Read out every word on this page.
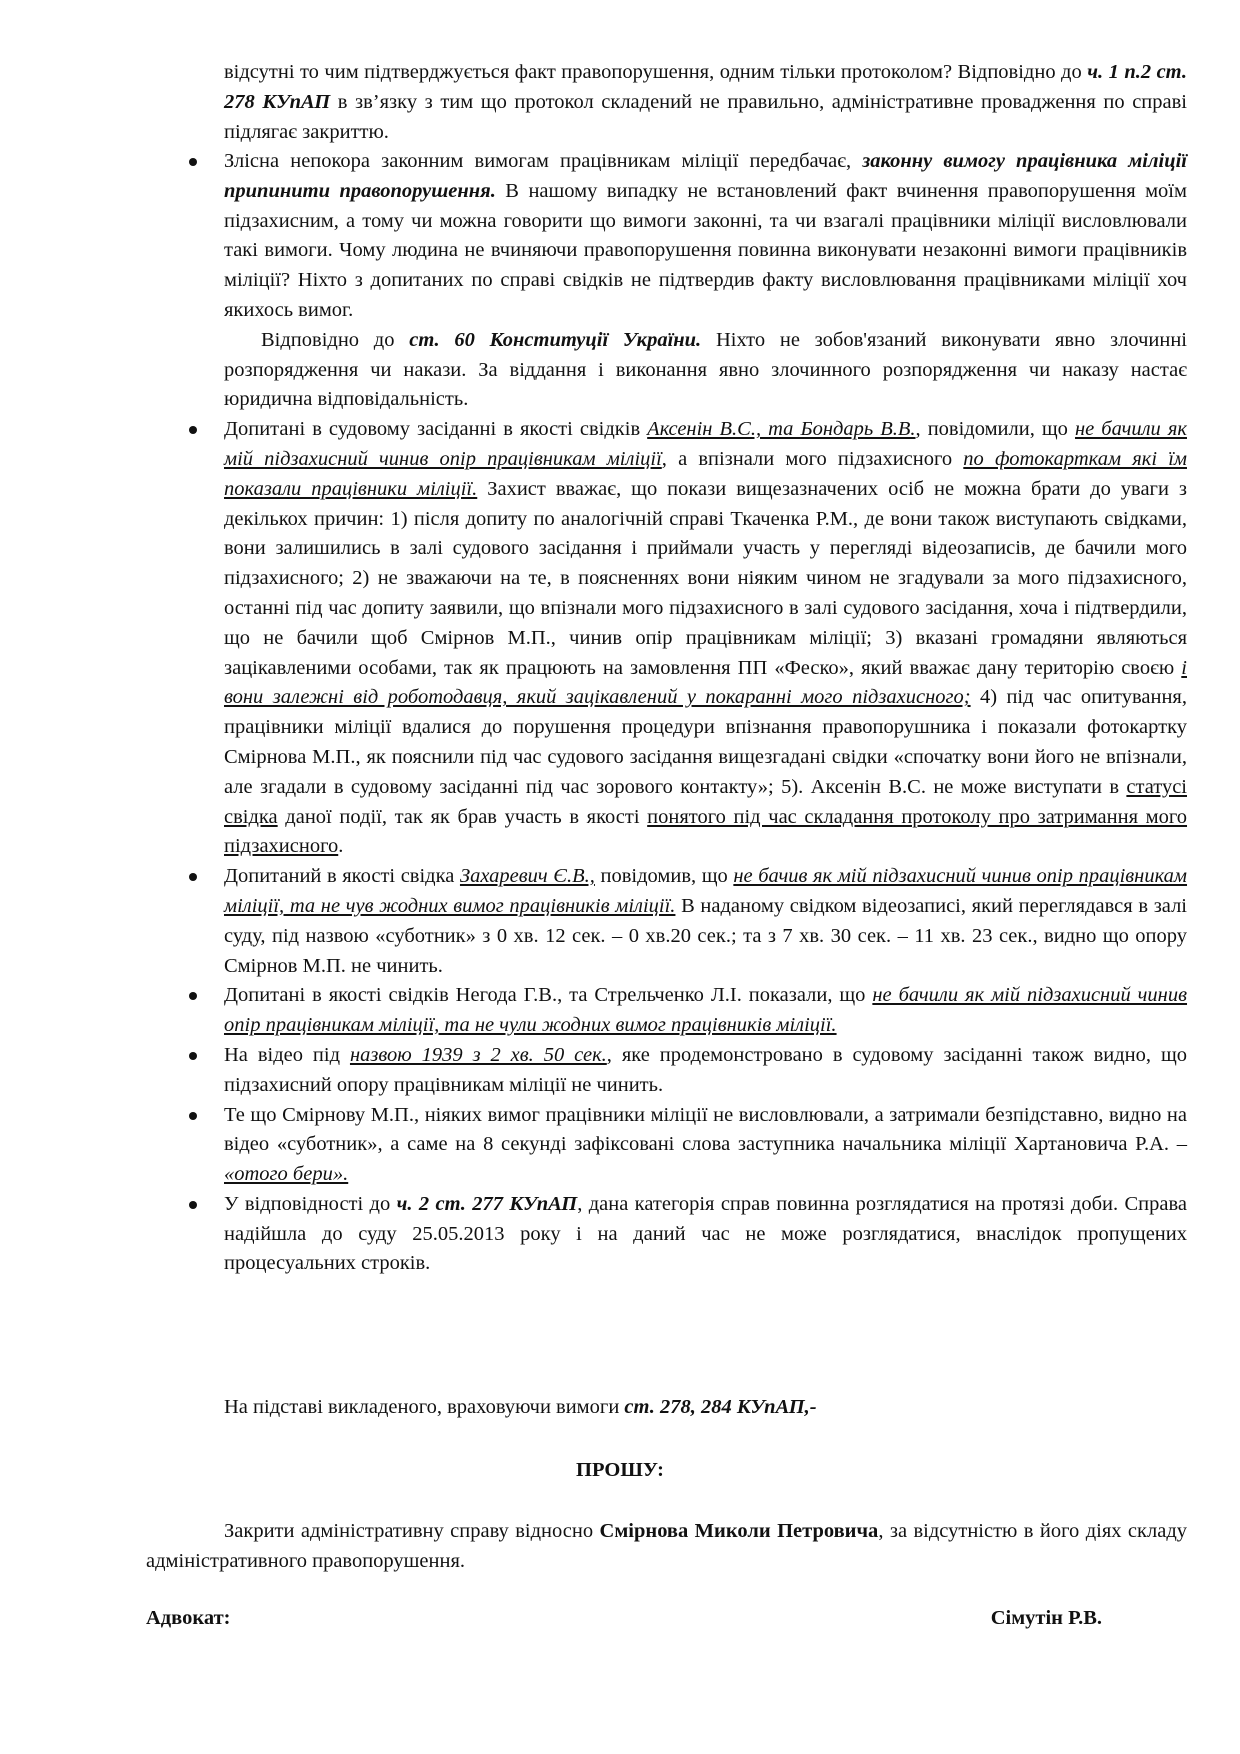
відсутні то чим підтверджується факт правопорушення, одним тільки протоколом? Відповідно до ч. 1 п.2 ст. 278 КУпАП в зв’язку з тим що протокол складений не правильно, адміністративне провадження по справі підлягає закриттю.

Злісна непокора законним вимогам працівникам міліції передбачає, законну вимогу працівника міліції припинити правопорушення. В нашому випадку не встановлений факт вчинення правопорушення моїм підзахисним, а тому чи можна говорити що вимоги законні, та чи взагалі працівники міліції висловлювали такі вимоги. Чому людина не вчиняючи правопорушення повинна виконувати незаконні вимоги працівників міліції? Ніхто з допитаних по справі свідків не підтвердив факту висловлювання працівниками міліції хоч якихось вимог.

Відповідно до ст. 60 Конституції України. Ніхто не зобов'язаний виконувати явно злочинні розпорядження чи накази. За віддання і виконання явно злочинного розпорядження чи наказу настає юридична відповідальність.

Допитані в судовому засіданні в якості свідків Аксенін В.С., та Бондарь В.В., повідомили, що не бачили як мій підзахисний чинив опір працівникам міліції, а впізнали мого підзахисного по фотокарткам які їм показали працівники міліції. Захист вважає, що покази вищезазначених осіб не можна брати до уваги з декількох причин: 1) після допиту по аналогічній справі Ткаченка Р.М., де вони також виступають свідками, вони залишились в залі судового засідання і приймали участь у перегляді відеозаписів, де бачили мого підзахисного; 2) не зважаючи на те, в поясненнях вони ніяким чином не згадували за мого підзахисного, останні під час допиту заявили, що впізнали мого підзахисного в залі судового засідання, хоча і підтвердили, що не бачили щоб Смірнов М.П., чинив опір працівникам міліції; 3) вказані громадяни являються зацікавленими особами, так як працюють на замовлення ПП «Феско», який вважає дану територію своєю і вони залежні від роботодавця, який зацікавлений у покаранні мого підзахисного; 4) під час опитування, працівники міліції вдалися до порушення процедури впізнання правопорушника і показали фотокартку Смірнова М.П., як пояснили під час судового засідання вищезгадані свідки «спочатку вони його не впізнали, але згадали в судовому засіданні під час зорового контакту»; 5). Аксенін В.С. не може виступати в статусі свідка даної події, так як брав участь в якості понятого під час складання протоколу про затримання мого підзахисного.
Допитаний в якості свідка Захаревич Є.В., повідомив, що не бачив як мій підзахисний чинив опір працівникам міліції, та не чув жодних вимог працівників міліції. В наданому свідком відеозаписі, який переглядався в залі суду, під назвою «суботник» з 0 хв. 12 сек. – 0 хв.20 сек.; та з 7 хв. 30 сек. – 11 хв. 23 сек., видно що опору Смірнов М.П. не чинить.
Допитані в якості свідків Негода Г.В., та Стрельченко Л.І. показали, що не бачили як мій підзахисний чинив опір працівникам міліції, та не чули жодних вимог працівників міліції.
На відео під назвою 1939 з 2 хв. 50 сек., яке продемонстровано в судовому засіданні також видно, що підзахисний опору працівникам міліції не чинить.
Те що Смірнову М.П., ніяких вимог працівники міліції не висловлювали, а затримали безпідставно, видно на відео «суботник», а саме на 8 секунді зафіксовані слова заступника начальника міліції Хартановича Р.А. – «отого бери».
У відповідності до ч. 2 ст. 277 КУпАП, дана категорія справ повинна розглядатися на протязі доби. Справа надійшла до суду 25.05.2013 року і на даний час не може розглядатися, внаслідок пропущених процесуальних строків.

На підставі викладеного, враховуючи вимоги ст. 278, 284 КУпАП,-

ПРОШУ:

Закрити адміністративну справу відносно Смірнова Миколи Петровича, за відсутністю в його діях складу адміністративного правопорушення.

Адвокат:	Сімутін Р.В.
